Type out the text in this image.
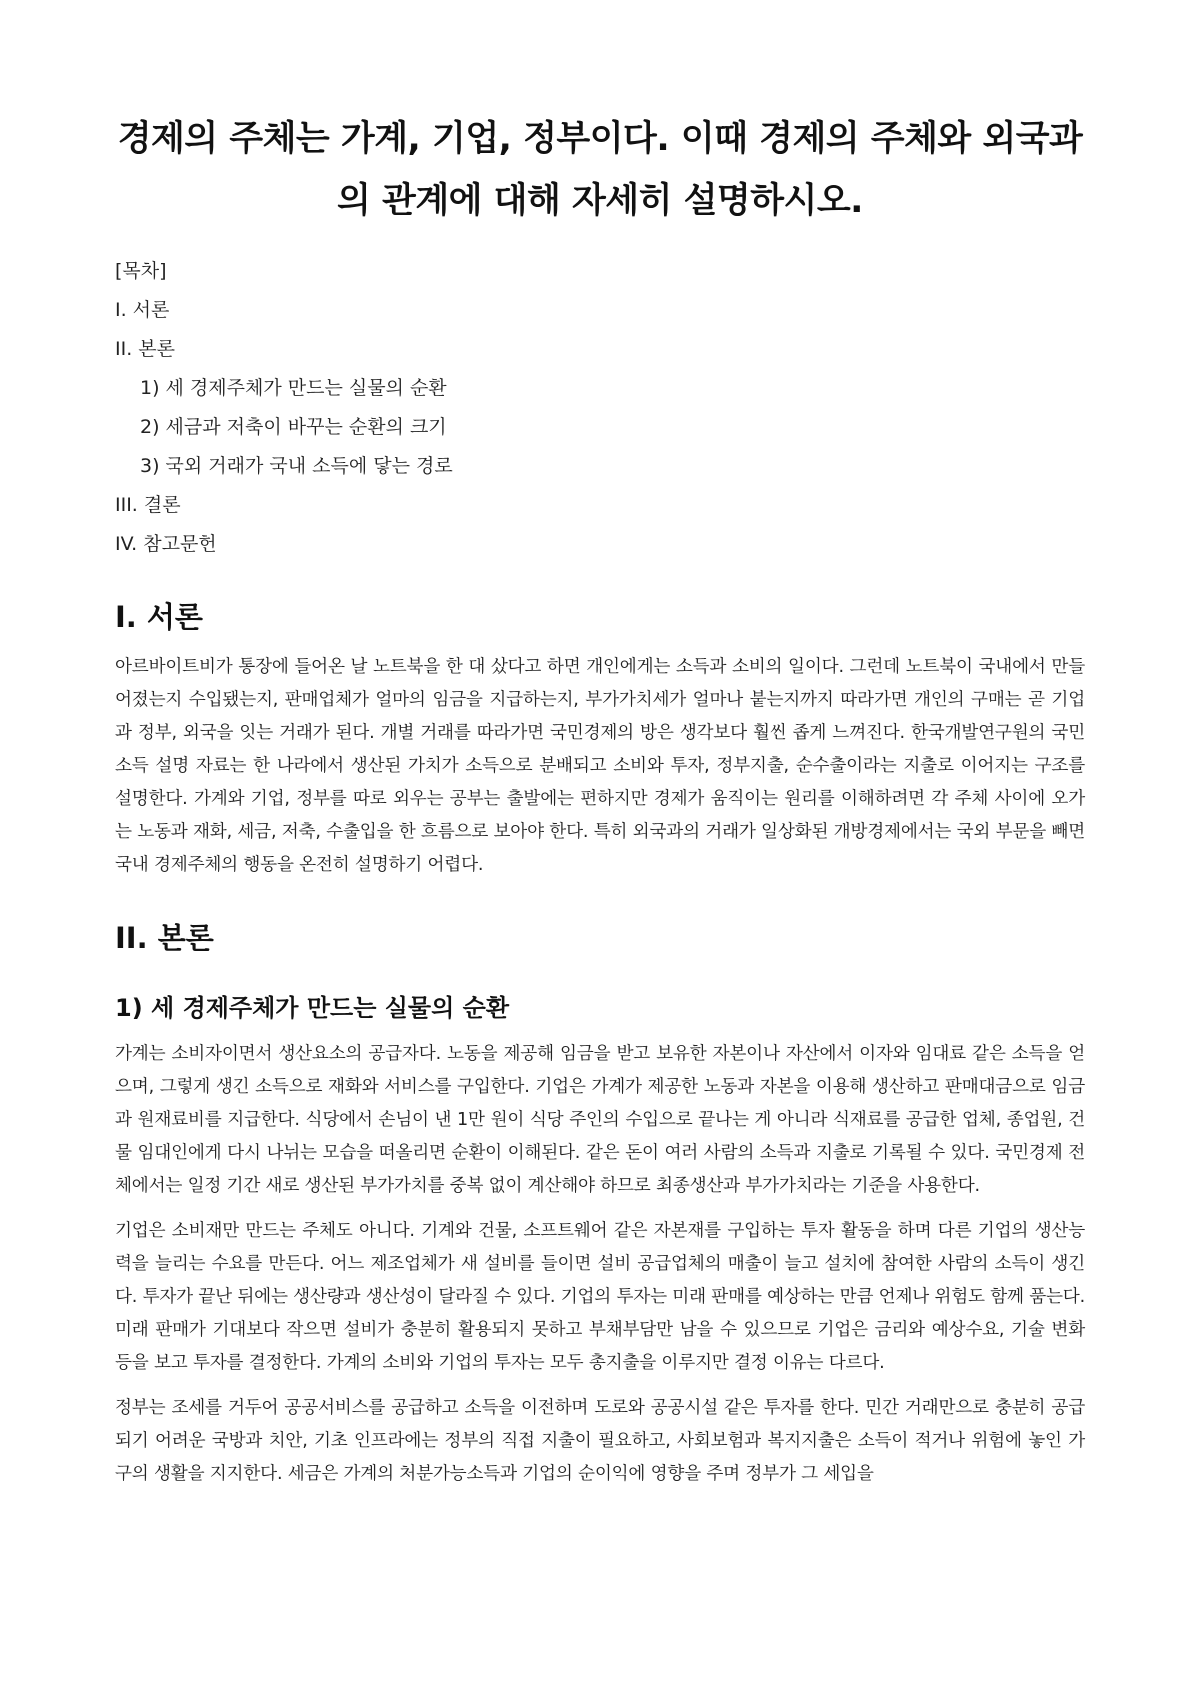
경제의 주체는 가계, 기업, 정부이다. 이때 경제의 주체와 외국과의 관계에 대해 자세히 설명하시오.
[목차]
I. 서론
II. 본론
1) 세 경제주체가 만드는 실물의 순환
2) 세금과 저축이 바꾸는 순환의 크기
3) 국외 거래가 국내 소득에 닿는 경로
III. 결론
IV. 참고문헌
I. 서론

아르바이트비가 통장에 들어온 날 노트북을 한 대 샀다고 하면 개인에게는 소득과 소비의 일이다. 그런데 노트북이 국내에서 만들어졌는지 수입됐는지, 판매업체가 얼마의 임금을 지급하는지, 부가가치세가 얼마나 붙는지까지 따라가면 개인의 구매는 곧 기업과 정부, 외국을 잇는 거래가 된다. 개별 거래를 따라가면 국민경제의 방은 생각보다 훨씬 좁게 느껴진다. 한국개발연구원의 국민소득 설명 자료는 한 나라에서 생산된 가치가 소득으로 분배되고 소비와 투자, 정부지출, 순수출이라는 지출로 이어지는 구조를 설명한다. 가계와 기업, 정부를 따로 외우는 공부는 출발에는 편하지만 경제가 움직이는 원리를 이해하려면 각 주체 사이에 오가는 노동과 재화, 세금, 저축, 수출입을 한 흐름으로 보아야 한다. 특히 외국과의 거래가 일상화된 개방경제에서는 국외 부문을 빼면 국내 경제주체의 행동을 온전히 설명하기 어렵다.

II. 본론
1) 세 경제주체가 만드는 실물의 순환

가계는 소비자이면서 생산요소의 공급자다. 노동을 제공해 임금을 받고 보유한 자본이나 자산에서 이자와 임대료 같은 소득을 얻으며, 그렇게 생긴 소득으로 재화와 서비스를 구입한다. 기업은 가계가 제공한 노동과 자본을 이용해 생산하고 판매대금으로 임금과 원재료비를 지급한다. 식당에서 손님이 낸 1만 원이 식당 주인의 수입으로 끝나는 게 아니라 식재료를 공급한 업체, 종업원, 건물 임대인에게 다시 나뉘는 모습을 떠올리면 순환이 이해된다. 같은 돈이 여러 사람의 소득과 지출로 기록될 수 있다. 국민경제 전체에서는 일정 기간 새로 생산된 부가가치를 중복 없이 계산해야 하므로 최종생산과 부가가치라는 기준을 사용한다.

기업은 소비재만 만드는 주체도 아니다. 기계와 건물, 소프트웨어 같은 자본재를 구입하는 투자 활동을 하며 다른 기업의 생산능력을 늘리는 수요를 만든다. 어느 제조업체가 새 설비를 들이면 설비 공급업체의 매출이 늘고 설치에 참여한 사람의 소득이 생긴다. 투자가 끝난 뒤에는 생산량과 생산성이 달라질 수 있다. 기업의 투자는 미래 판매를 예상하는 만큼 언제나 위험도 함께 품는다. 미래 판매가 기대보다 작으면 설비가 충분히 활용되지 못하고 부채부담만 남을 수 있으므로 기업은 금리와 예상수요, 기술 변화 등을 보고 투자를 결정한다. 가계의 소비와 기업의 투자는 모두 총지출을 이루지만 결정 이유는 다르다.

정부는 조세를 거두어 공공서비스를 공급하고 소득을 이전하며 도로와 공공시설 같은 투자를 한다. 민간 거래만으로 충분히 공급되기 어려운 국방과 치안, 기초 인프라에는 정부의 직접 지출이 필요하고, 사회보험과 복지지출은 소득이 적거나 위험에 놓인 가구의 생활을 지지한다. 세금은 가계의 처분가능소득과 기업의 순이익에 영향을 주며 정부가 그 세입을
